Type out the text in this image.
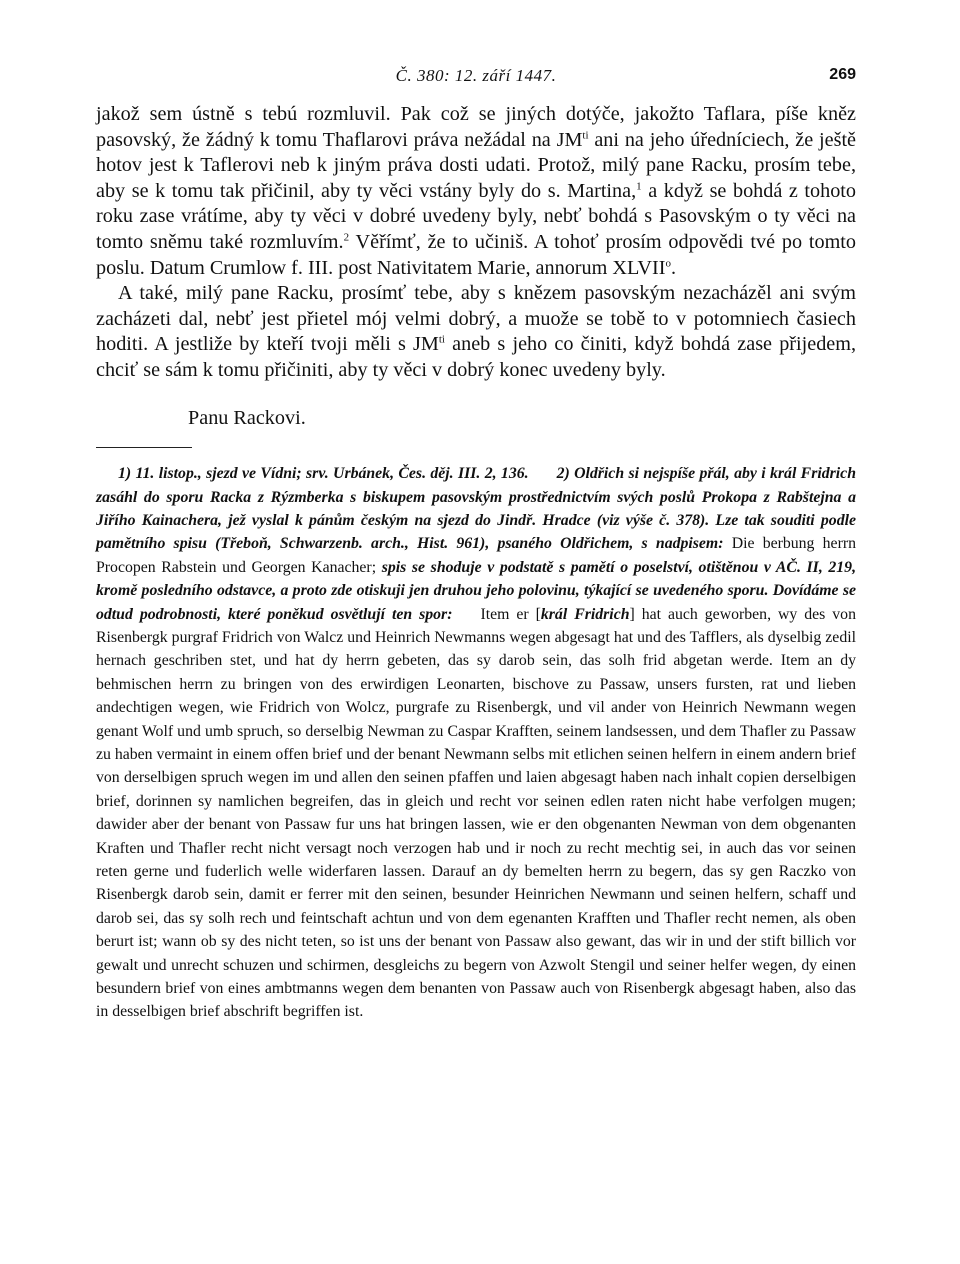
Č. 380: 12. září 1447.	269

jakož sem ústně s tebú rozmluvil. Pak což se jiných dotýče, jakožto Taflara, píše kněz pasovský, že žádný k tomu Thaflarovi práva nežádal na $JM^{ti}$ ani na jeho úředníciech, že ještě hotov jest k Taflerovi neb k jiným práva dosti udati. Protož, milý pane Racku, prosím tebe, aby se k tomu tak přičinil, aby ty věci vstány byly do s. Martina,$^1$ a když se bohdá z tohoto roku zase vrátíme, aby ty věci v dobré uvedeny byly, nebť bohdá s Pasovským o ty věci na tomto sněmu také rozmluvím.$^2$ Věřímť, že to učiniš. A tohoť prosím odpovědi tvé po tomto poslu. Datum Crumlow f. III. post Nativitatem Marie, annorum XLVII$^o$.

A také, milý pane Racku, prosímť tebe, aby s knězem pasovským nezacházěl ani svým zacházeti dal, nebť jest přietel mój velmi dobrý, a muože se tobě to v potomniech časiech hoditi. A jestliže by kteří tvoji měli s $JM^{ti}$ aneb s jeho co činiti, když bohdá zase přijedem, chciť se sám k tomu přičiniti, aby ty věci v dobrý konec uvedeny byly.

Panu Rackovi.

1) 11. listop., sjezd ve Vídni; srv. Urbánek, Čes. děj. III. 2, 136. 2) Oldřich si nejspíše přál, aby i král Fridrich zasáhl do sporu Racka z Rýzmberka s biskupem pasovským prostřednictvím svých poslů Prokopa z Rabštejna a Jiřího Kainachera, jež vyslal k pánům českým na sjezd do Jindř. Hradce (viz výše č. 378). Lze tak souditi podle pamětního spisu (Třeboň, Schwarzenb. arch., Hist. 961), psaného Oldřichem, s nadpisem: Die berbung herrn Procopen Rabstein und Georgen Kanacher; spis se shoduje v podstatě s pamětí o poselství, otištěnou v AČ. II, 219, kromě posledního odstavce, a proto zde otiskuji jen druhou jeho polovinu, týkající se uvedeného sporu. Dovídáme se odtud podrobnosti, které poněkud osvětlují ten spor: Item er [král Fridrich] hat auch geworben, wy des von Risenbergk purgraf Fridrich von Walcz und Heinrich Newmanns wegen abgesagt hat und des Tafflers, als dyselbig zedil hernach geschriben stet, und hat dy herrn gebeten, das sy darob sein, das solh frid abgetan werde. Item an dy behmischen herrn zu bringen von des erwirdigen Leonarten, bischove zu Passaw, unsers fursten, rat und lieben andechtigen wegen, wie Fridrich von Wolcz, purgrafe zu Risenbergk, und vil ander von Heinrich Newmann wegen genant Wolf und umb spruch, so derselbig Newman zu Caspar Krafften, seinem landsessen, und dem Thafler zu Passaw zu haben vermaint in einem offen brief und der benant Newmann selbs mit etlichen seinen helfern in einem andern brief von derselbigen spruch wegen im und allen den seinen pfaffen und laien abgesagt haben nach inhalt copien derselbigen brief, dorinnen sy namlichen begreifen, das in gleich und recht vor seinen edlen raten nicht habe verfolgen mugen; dawider aber der benant von Passaw fur uns hat bringen lassen, wie er den obgenanten Newman von dem obgenanten Kraften und Thafler recht nicht versagt noch verzogen hab und ir noch zu recht mechtig sei, in auch das vor seinen reten gerne und fuderlich welle widerfaren lassen. Darauf an dy bemelten herrn zu begern, das sy gen Raczko von Risenbergk darob sein, damit er ferrer mit den seinen, besunder Heinrichen Newmann und seinen helfern, schaff und darob sei, das sy solh rech und feintschaft achtun und von dem egenanten Krafften und Thafler recht nemen, als oben berurt ist; wann ob sy des nicht teten, so ist uns der benant von Passaw also gewant, das wir in und der stift billich vor gewalt und unrecht schuzen und schirmen, desgleichs zu begern von Azwolt Stengil und seiner helfer wegen, dy einen besundern brief von eines ambtmanns wegen dem benanten von Passaw auch von Risenbergk abgesagt haben, also das in desselbigen brief abschrift begriffen ist.
